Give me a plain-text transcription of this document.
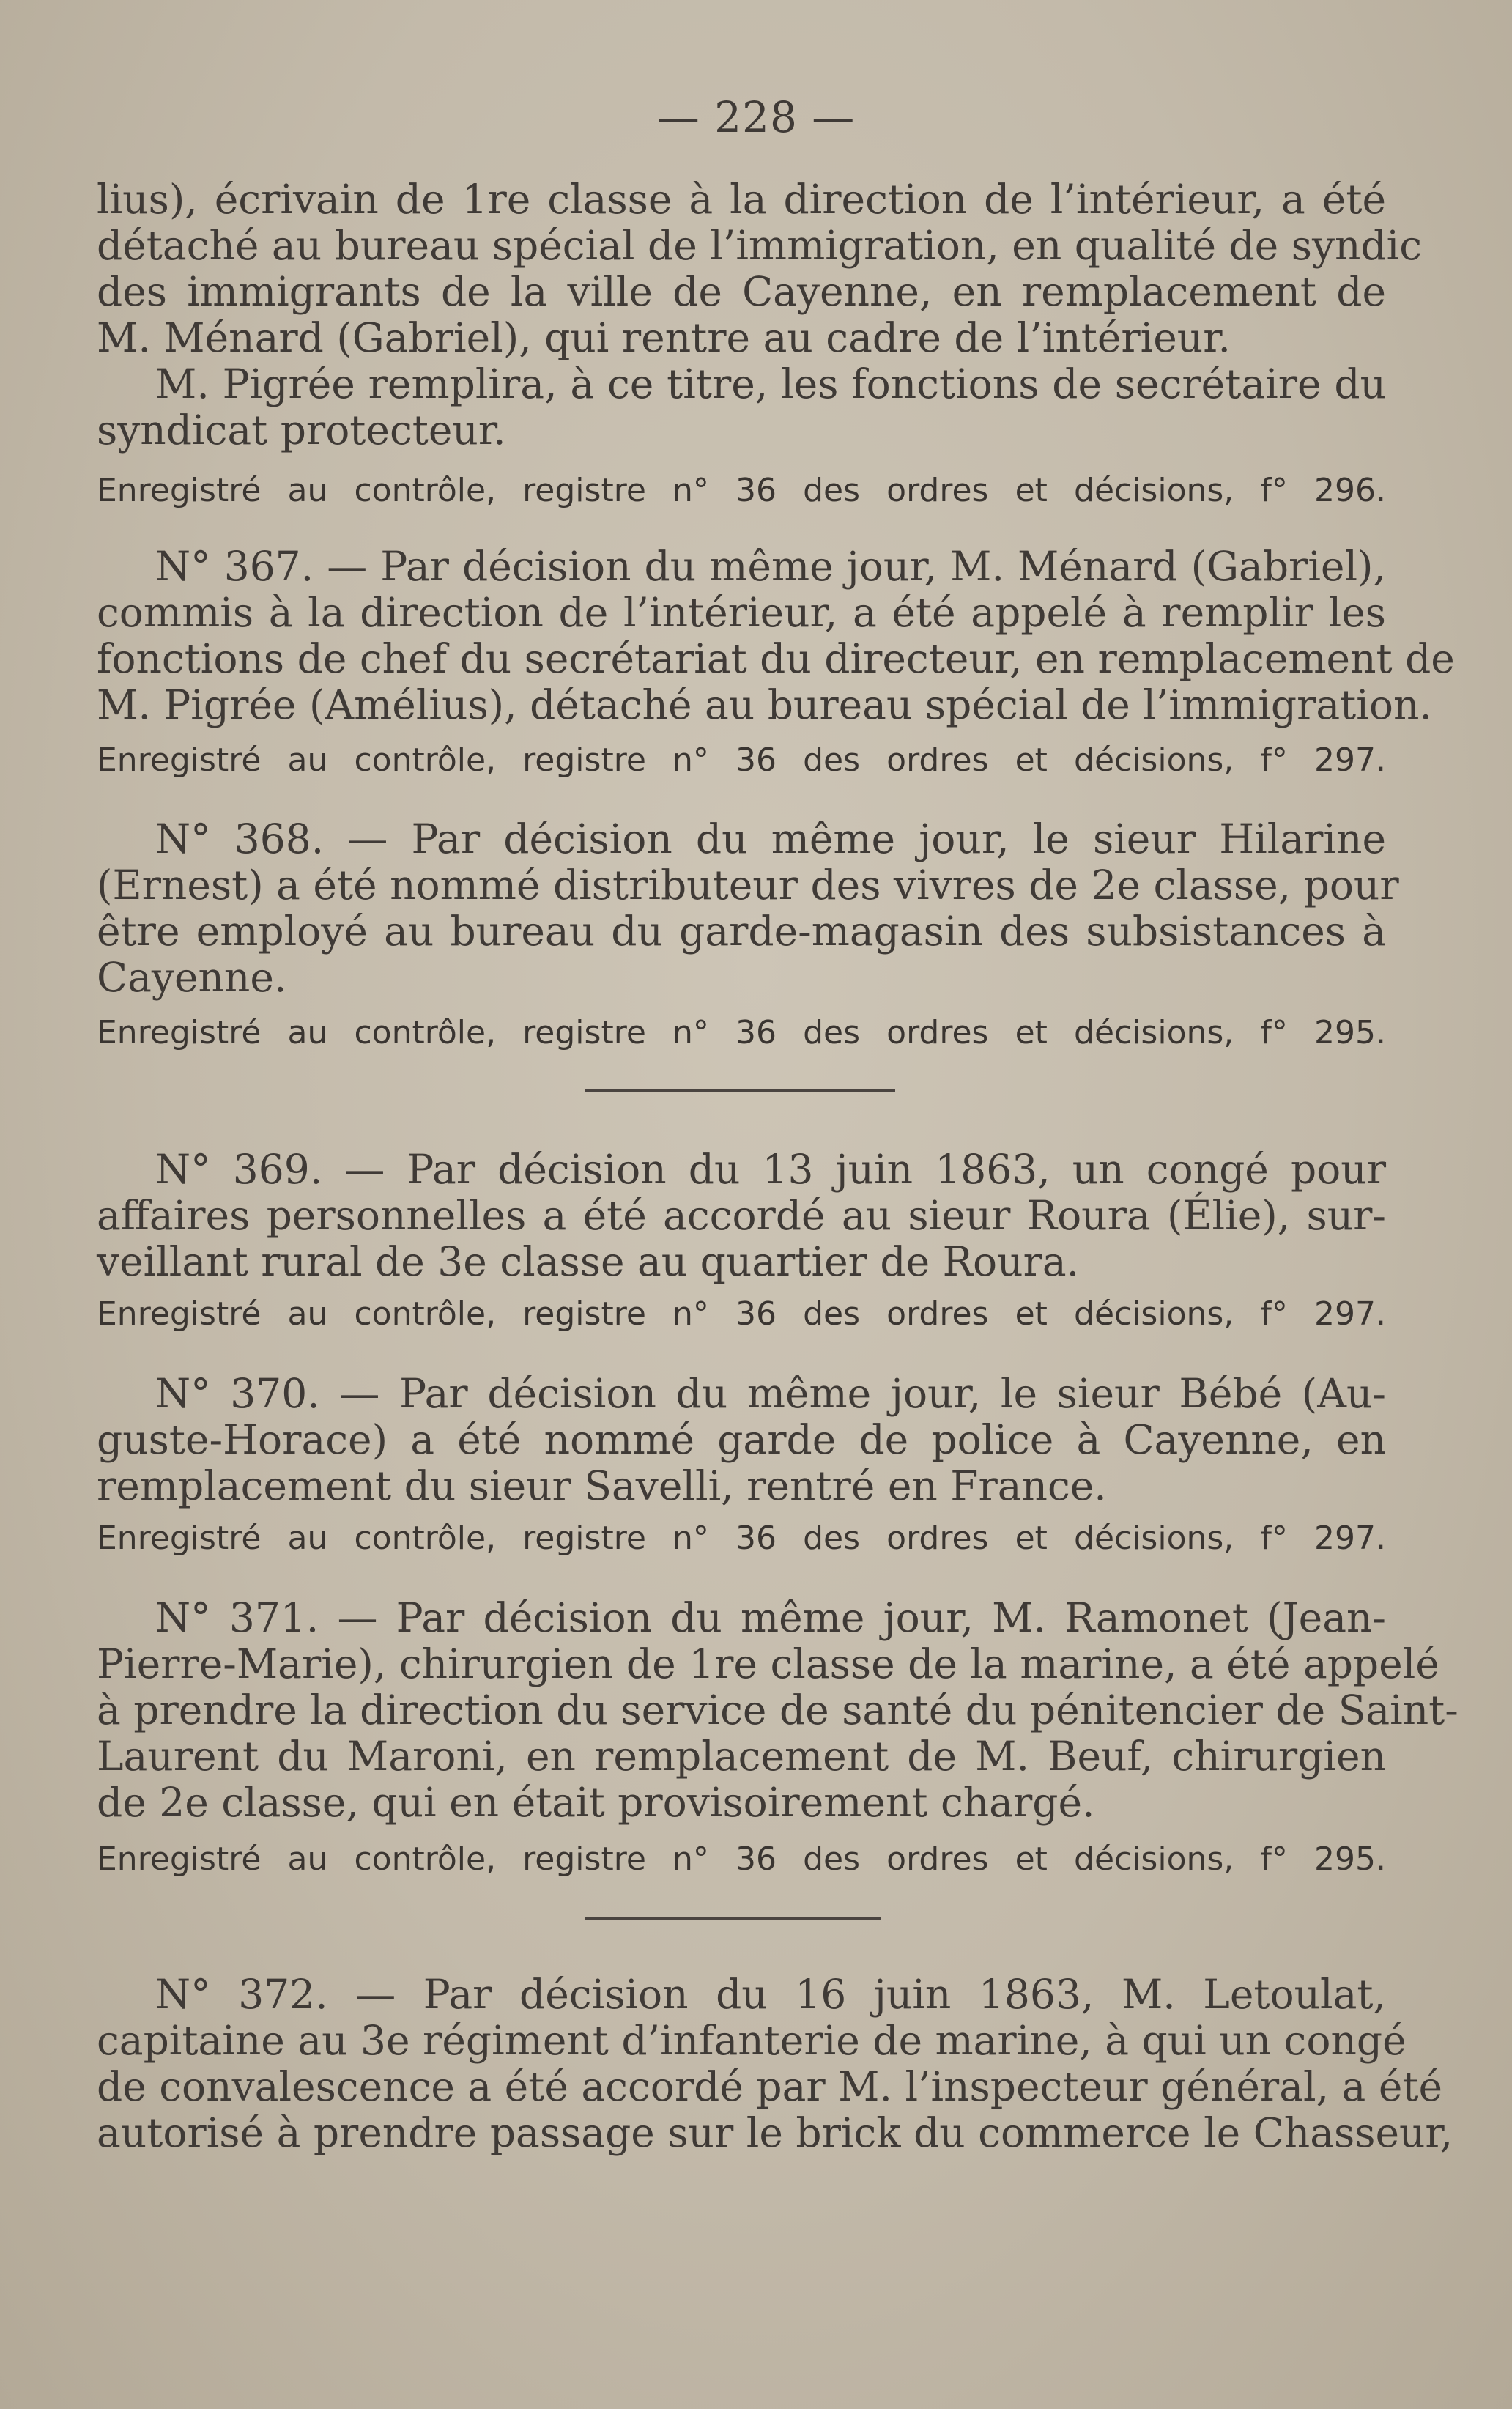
— 228 —
lius), écrivain de 1re classe à la direction de l’intérieur, a été
détaché au bureau spécial de l’immigration, en qualité de syndic
des immigrants de la ville de Cayenne, en remplacement de
M. Ménard (Gabriel), qui rentre au cadre de l’intérieur.
M. Pigrée remplira, à ce titre, les fonctions de secrétaire du
syndicat protecteur.
Enregistré au contrôle, registre n° 36 des ordres et décisions, f° 296.
N° 367. — Par décision du même jour, M. Ménard (Gabriel),
commis à la direction de l’intérieur, a été appelé à remplir les
fonctions de chef du secrétariat du directeur, en remplacement de
M. Pigrée (Amélius), détaché au bureau spécial de l’immigration.
Enregistré au contrôle, registre n° 36 des ordres et décisions, f° 297.
N° 368. — Par décision du même jour, le sieur Hilarine
(Ernest) a été nommé distributeur des vivres de 2e classe, pour
être employé au bureau du garde-magasin des subsistances à
Cayenne.
Enregistré au contrôle, registre n° 36 des ordres et décisions, f° 295.
N° 369. — Par décision du 13 juin 1863, un congé pour
affaires personnelles a été accordé au sieur Roura (Élie), sur-
veillant rural de 3e classe au quartier de Roura.
Enregistré au contrôle, registre n° 36 des ordres et décisions, f° 297.
N° 370. — Par décision du même jour, le sieur Bébé (Au-
guste-Horace) a été nommé garde de police à Cayenne, en
remplacement du sieur Savelli, rentré en France.
Enregistré au contrôle, registre n° 36 des ordres et décisions, f° 297.
N° 371. — Par décision du même jour, M. Ramonet (Jean-
Pierre-Marie), chirurgien de 1re classe de la marine, a été appelé
à prendre la direction du service de santé du pénitencier de Saint-
Laurent du Maroni, en remplacement de M. Beuf, chirurgien
de 2e classe, qui en était provisoirement chargé.
Enregistré au contrôle, registre n° 36 des ordres et décisions, f° 295.
N° 372. — Par décision du 16 juin 1863, M. Letoulat,
capitaine au 3e régiment d’infanterie de marine, à qui un congé
de convalescence a été accordé par M. l’inspecteur général, a été
autorisé à prendre passage sur le brick du commerce le Chasseur,
